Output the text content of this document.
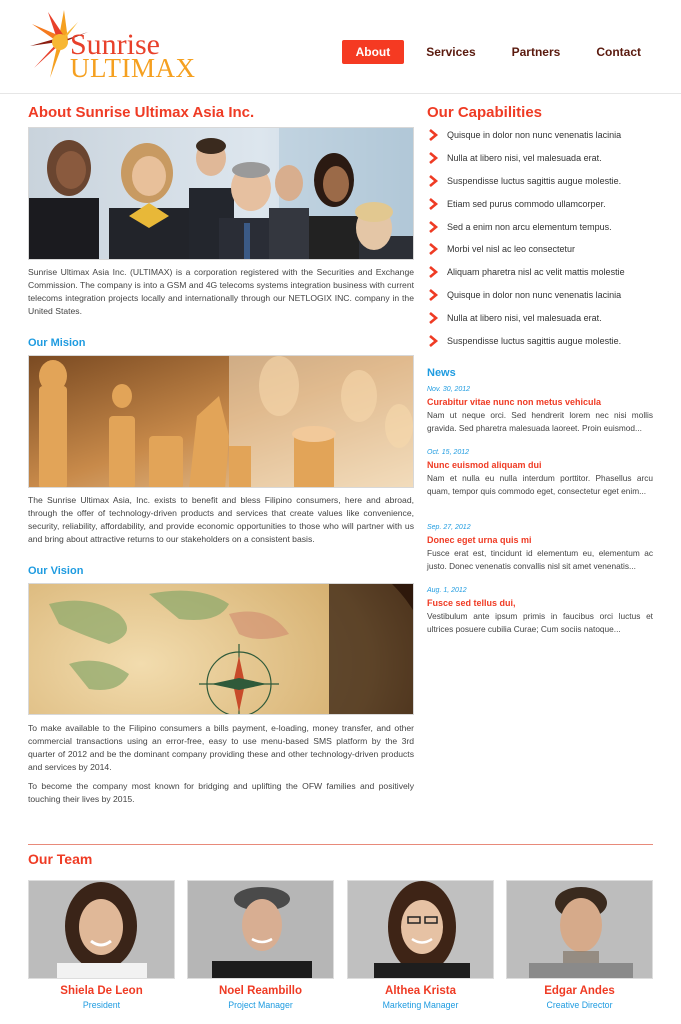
Sunrise
ULTIMAX
About	Services	Partners	Contact
About Sunrise Ultimax Asia Inc.

Sunrise Ultimax Asia Inc. (ULTIMAX) is a corporation registered with the Securities and Exchange Commission. The company is into a GSM and 4G telecoms systems integration business with current telecoms integration projects locally and internationally through our NETLOGIX INC. company in the United States.

Our Mision

The Sunrise Ultimax Asia, Inc. exists to benefit and bless Filipino consumers, here and abroad, through the offer of technology-driven products and services that create values like convenience, security, reliability, affordability, and provide economic opportunities to those who will partner with us and bring about attractive returns to our stakeholders on a consistent basis.

Our Vision

To make available to the Filipino consumers a bills payment, e-loading, money transfer, and other commercial transactions using an error-free, easy to use menu-based SMS platform by the 3rd quarter of 2012 and be the dominant company providing these and other technology-driven products and services by 2014.

To become the company most known for bridging and uplifting the OFW families and positively touching their lives by 2015.

Our Capabilities
Quisque in dolor non nunc venenatis lacinia
Nulla at libero nisi, vel malesuada erat.
Suspendisse luctus sagittis augue molestie.
Etiam sed purus commodo ullamcorper.
Sed a enim non arcu elementum tempus.
Morbi vel nisl ac leo consectetur
Aliquam pharetra nisl ac velit mattis molestie
Quisque in dolor non nunc venenatis lacinia
Nulla at libero nisi, vel malesuada erat.
Suspendisse luctus sagittis augue molestie.
News
Nov. 30, 2012
Curabitur vitae nunc non metus vehicula
Nam ut neque orci. Sed hendrerit lorem nec nisi mollis gravida. Sed pharetra malesuada laoreet. Proin euismod...
Oct. 15, 2012
Nunc euismod aliquam dui
Nam et nulla eu nulla interdum porttitor. Phasellus arcu quam, tempor quis commodo eget, consectetur eget enim...
Sep. 27, 2012
Donec eget urna quis mi
Fusce erat est, tincidunt id elementum eu, elementum ac justo. Donec venenatis convallis nisl sit amet venenatis...
Aug. 1, 2012
Fusce sed tellus dui,
Vestibulum ante ipsum primis in faucibus orci luctus et ultrices posuere cubilia Curae; Cum sociis natoque...
Our Team
Shiela De Leon
President
Noel Reambillo
Project Manager
Althea Krista
Marketing Manager
Edgar Andes
Creative Director
